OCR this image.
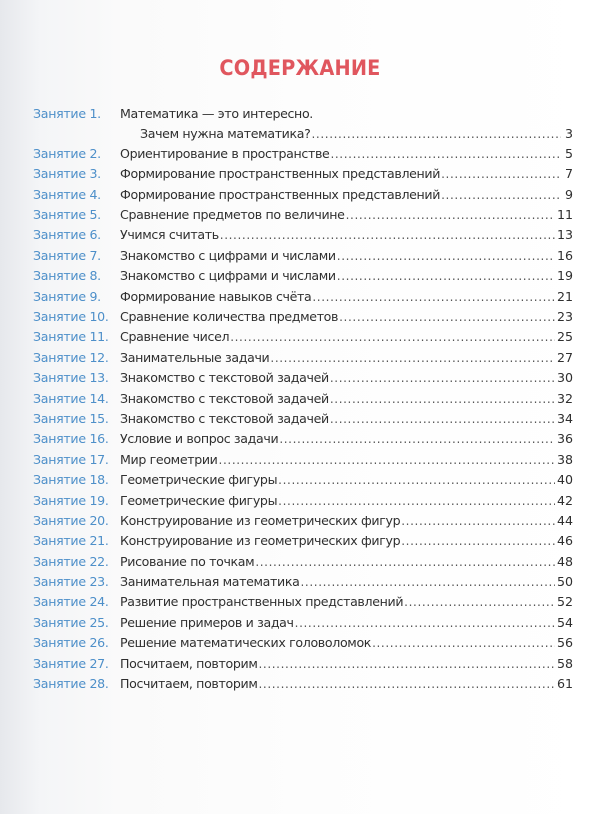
СОДЕРЖАНИЕ
Занятие 1.	Математика — это интересно.
Зачем нужна математика? . . .	3
Занятие 2.	Ориентирование в пространстве . . .	5
Занятие 3.	Формирование пространственных представлений . . .	7
Занятие 4.	Формирование пространственных представлений . . .	9
Занятие 5.	Сравнение предметов по величине . . .	11
Занятие 6.	Учимся считать . . .	13
Занятие 7.	Знакомство с цифрами и числами . . .	16
Занятие 8.	Знакомство с цифрами и числами . . .	19
Занятие 9.	Формирование навыков счёта . . .	21
Занятие 10. Сравнение количества предметов . . .	23
Занятие 11. Сравнение чисел . . .	25
Занятие 12. Занимательные задачи . . .	27
Занятие 13. Знакомство с текстовой задачей . . .	30
Занятие 14. Знакомство с текстовой задачей . . .	32
Занятие 15. Знакомство с текстовой задачей . . .	34
Занятие 16. Условие и вопрос задачи . . .	36
Занятие 17. Мир геометрии . . .	38
Занятие 18. Геометрические фигуры . . .	40
Занятие 19. Геометрические фигуры . . .	42
Занятие 20. Конструирование из геометрических фигур . . .	44
Занятие 21. Конструирование из геометрических фигур . . .	46
Занятие 22. Рисование по точкам . . .	48
Занятие 23. Занимательная математика . . .	50
Занятие 24. Развитие пространственных представлений . . .	52
Занятие 25. Решение примеров и задач . . .	54
Занятие 26. Решение математических головоломок . . .	56
Занятие 27. Посчитаем, повторим . . .	58
Занятие 28. Посчитаем, повторим . . .	61
